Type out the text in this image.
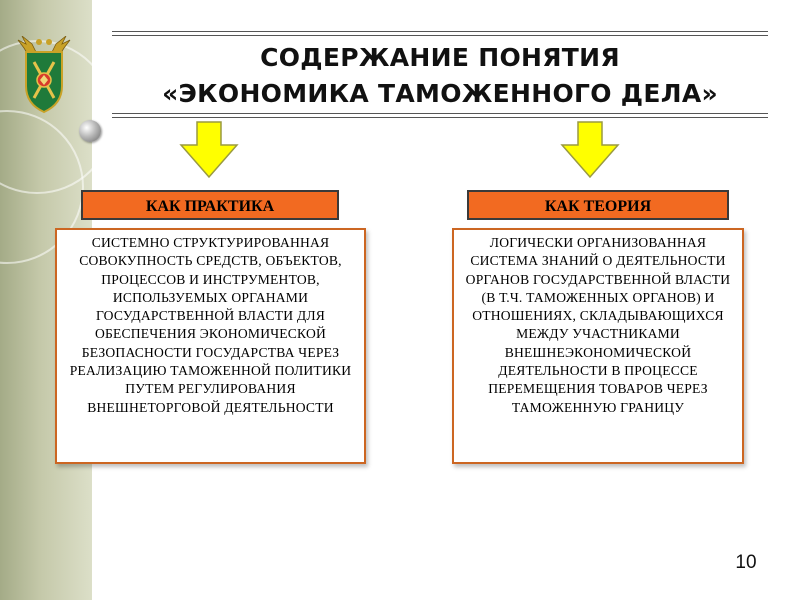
СОДЕРЖАНИЕ ПОНЯТИЯ
«ЭКОНОМИКА ТАМОЖЕННОГО ДЕЛА»
КАК ПРАКТИКА	КАК ТЕОРИЯ
СИСТЕМНО СТРУКТУРИРОВАННАЯ СОВОКУПНОСТЬ СРЕДСТВ, ОБЪЕКТОВ, ПРОЦЕССОВ И ИНСТРУМЕНТОВ, ИСПОЛЬЗУЕМЫХ ОРГАНАМИ ГОСУДАРСТВЕННОЙ ВЛАСТИ ДЛЯ ОБЕСПЕЧЕНИЯ ЭКОНОМИЧЕСКОЙ БЕЗОПАСНОСТИ ГОСУДАРСТВА ЧЕРЕЗ РЕАЛИЗАЦИЮ ТАМОЖЕННОЙ ПОЛИТИКИ ПУТЕМ РЕГУЛИРОВАНИЯ ВНЕШНЕТОРГОВОЙ ДЕЯТЕЛЬНОСТИ
ЛОГИЧЕСКИ ОРГАНИЗОВАННАЯ СИСТЕМА ЗНАНИЙ О ДЕЯТЕЛЬНОСТИ ОРГАНОВ ГОСУДАРСТВЕННОЙ ВЛАСТИ (В Т.Ч. ТАМОЖЕННЫХ ОРГАНОВ) И ОТНОШЕНИЯХ, СКЛАДЫВАЮЩИХСЯ МЕЖДУ УЧАСТНИКАМИ ВНЕШНЕЭКОНОМИЧЕСКОЙ ДЕЯТЕЛЬНОСТИ В ПРОЦЕССЕ ПЕРЕМЕЩЕНИЯ ТОВАРОВ ЧЕРЕЗ ТАМОЖЕННУЮ ГРАНИЦУ
10
